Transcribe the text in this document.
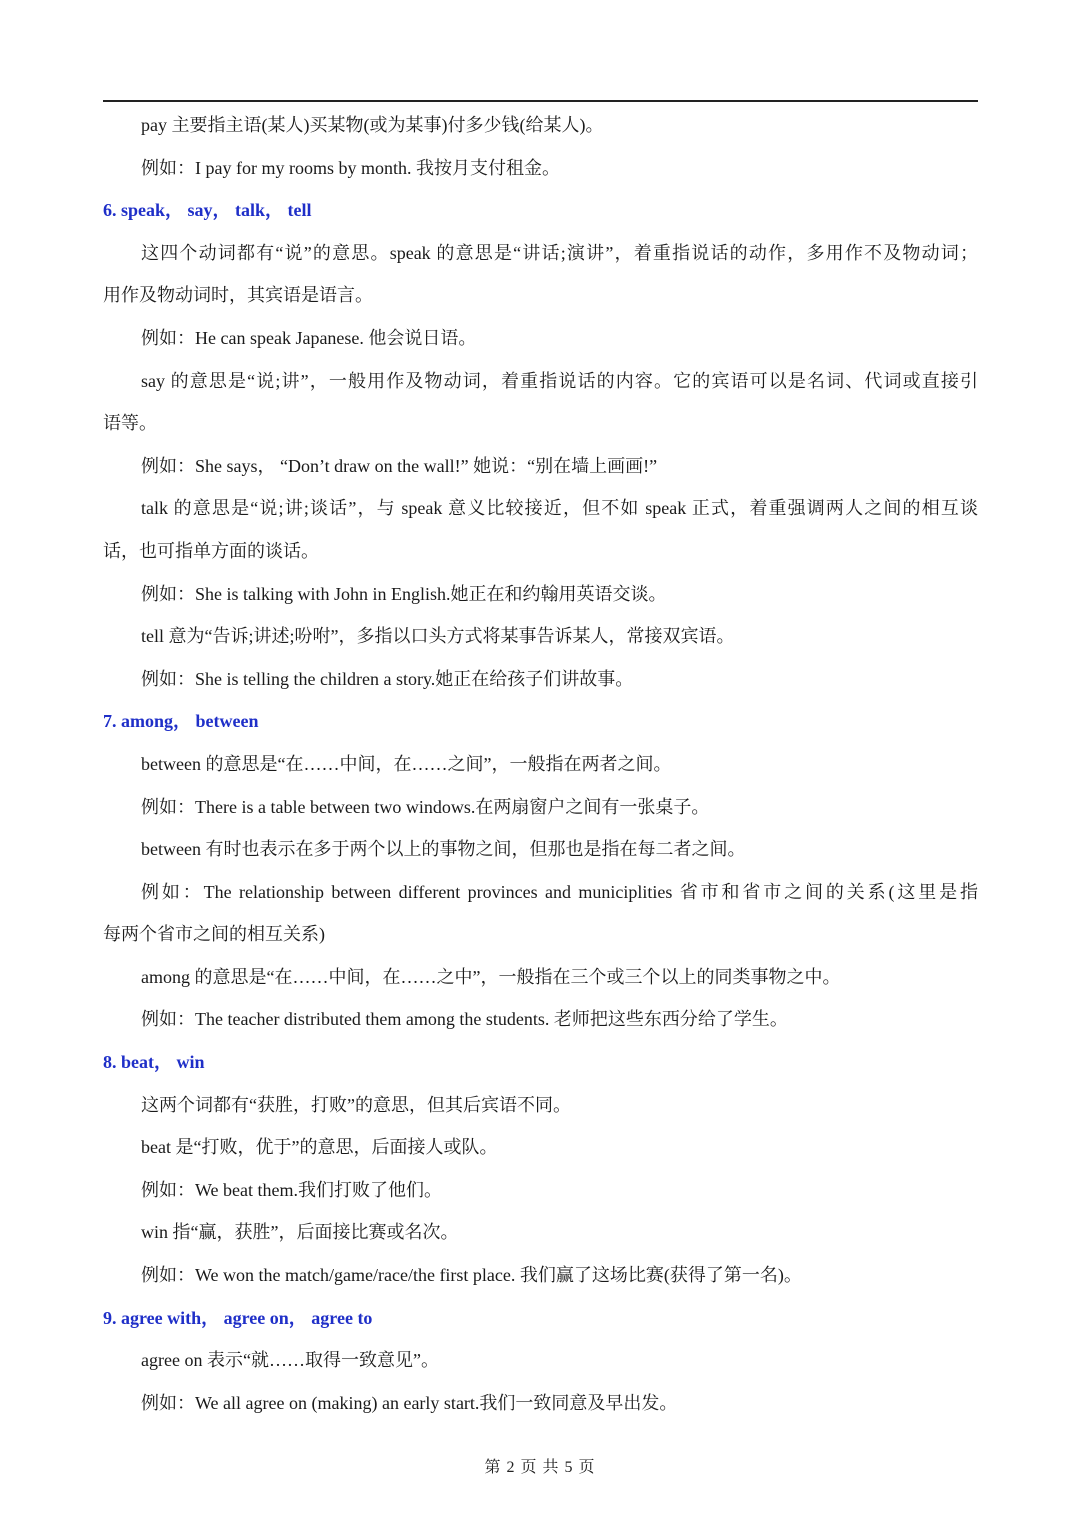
pay 主要指主语(某人)买某物(或为某事)付多少钱(给某人)。
例如：I pay for my rooms by month. 我按月支付租金。
6. speak， say， talk， tell
这四个动词都有“说”的意思。speak 的意思是“讲话;演讲”，着重指说话的动作，多用作不及物动词；
用作及物动词时，其宾语是语言。
例如：He can speak Japanese. 他会说日语。
say 的意思是“说;讲”，一般用作及物动词，着重指说话的内容。它的宾语可以是名词、代词或直接引
语等。
例如：She says， “Don’t draw on the wall!” 她说：“别在墙上画画!”
talk 的意思是“说;讲;谈话”，与 speak 意义比较接近，但不如 speak 正式，着重强调两人之间的相互谈
话，也可指单方面的谈话。
例如：She is talking with John in English.她正在和约翰用英语交谈。
tell 意为“告诉;讲述;吩咐”，多指以口头方式将某事告诉某人，常接双宾语。
例如：She is telling the children a story.她正在给孩子们讲故事。
7. among， between
between 的意思是“在……中间，在……之间”，一般指在两者之间。
例如：There is a table between two windows.在两扇窗户之间有一张桌子。
between 有时也表示在多于两个以上的事物之间，但那也是指在每二者之间。
例如：The relationship between different provinces and municiplities 省市和省市之间的关系(这里是指
每两个省市之间的相互关系)
among 的意思是“在……中间，在……之中”，一般指在三个或三个以上的同类事物之中。
例如：The teacher distributed them among the students. 老师把这些东西分给了学生。
8. beat， win
这两个词都有“获胜，打败”的意思，但其后宾语不同。
beat 是“打败，优于”的意思，后面接人或队。
例如：We beat them.我们打败了他们。
win 指“赢，获胜”，后面接比赛或名次。
例如：We won the match/game/race/the first place. 我们赢了这场比赛(获得了第一名)。
9. agree with， agree on， agree to
agree on 表示“就……取得一致意见”。
例如：We all agree on (making) an early start.我们一致同意及早出发。
第 2 页 共 5 页
